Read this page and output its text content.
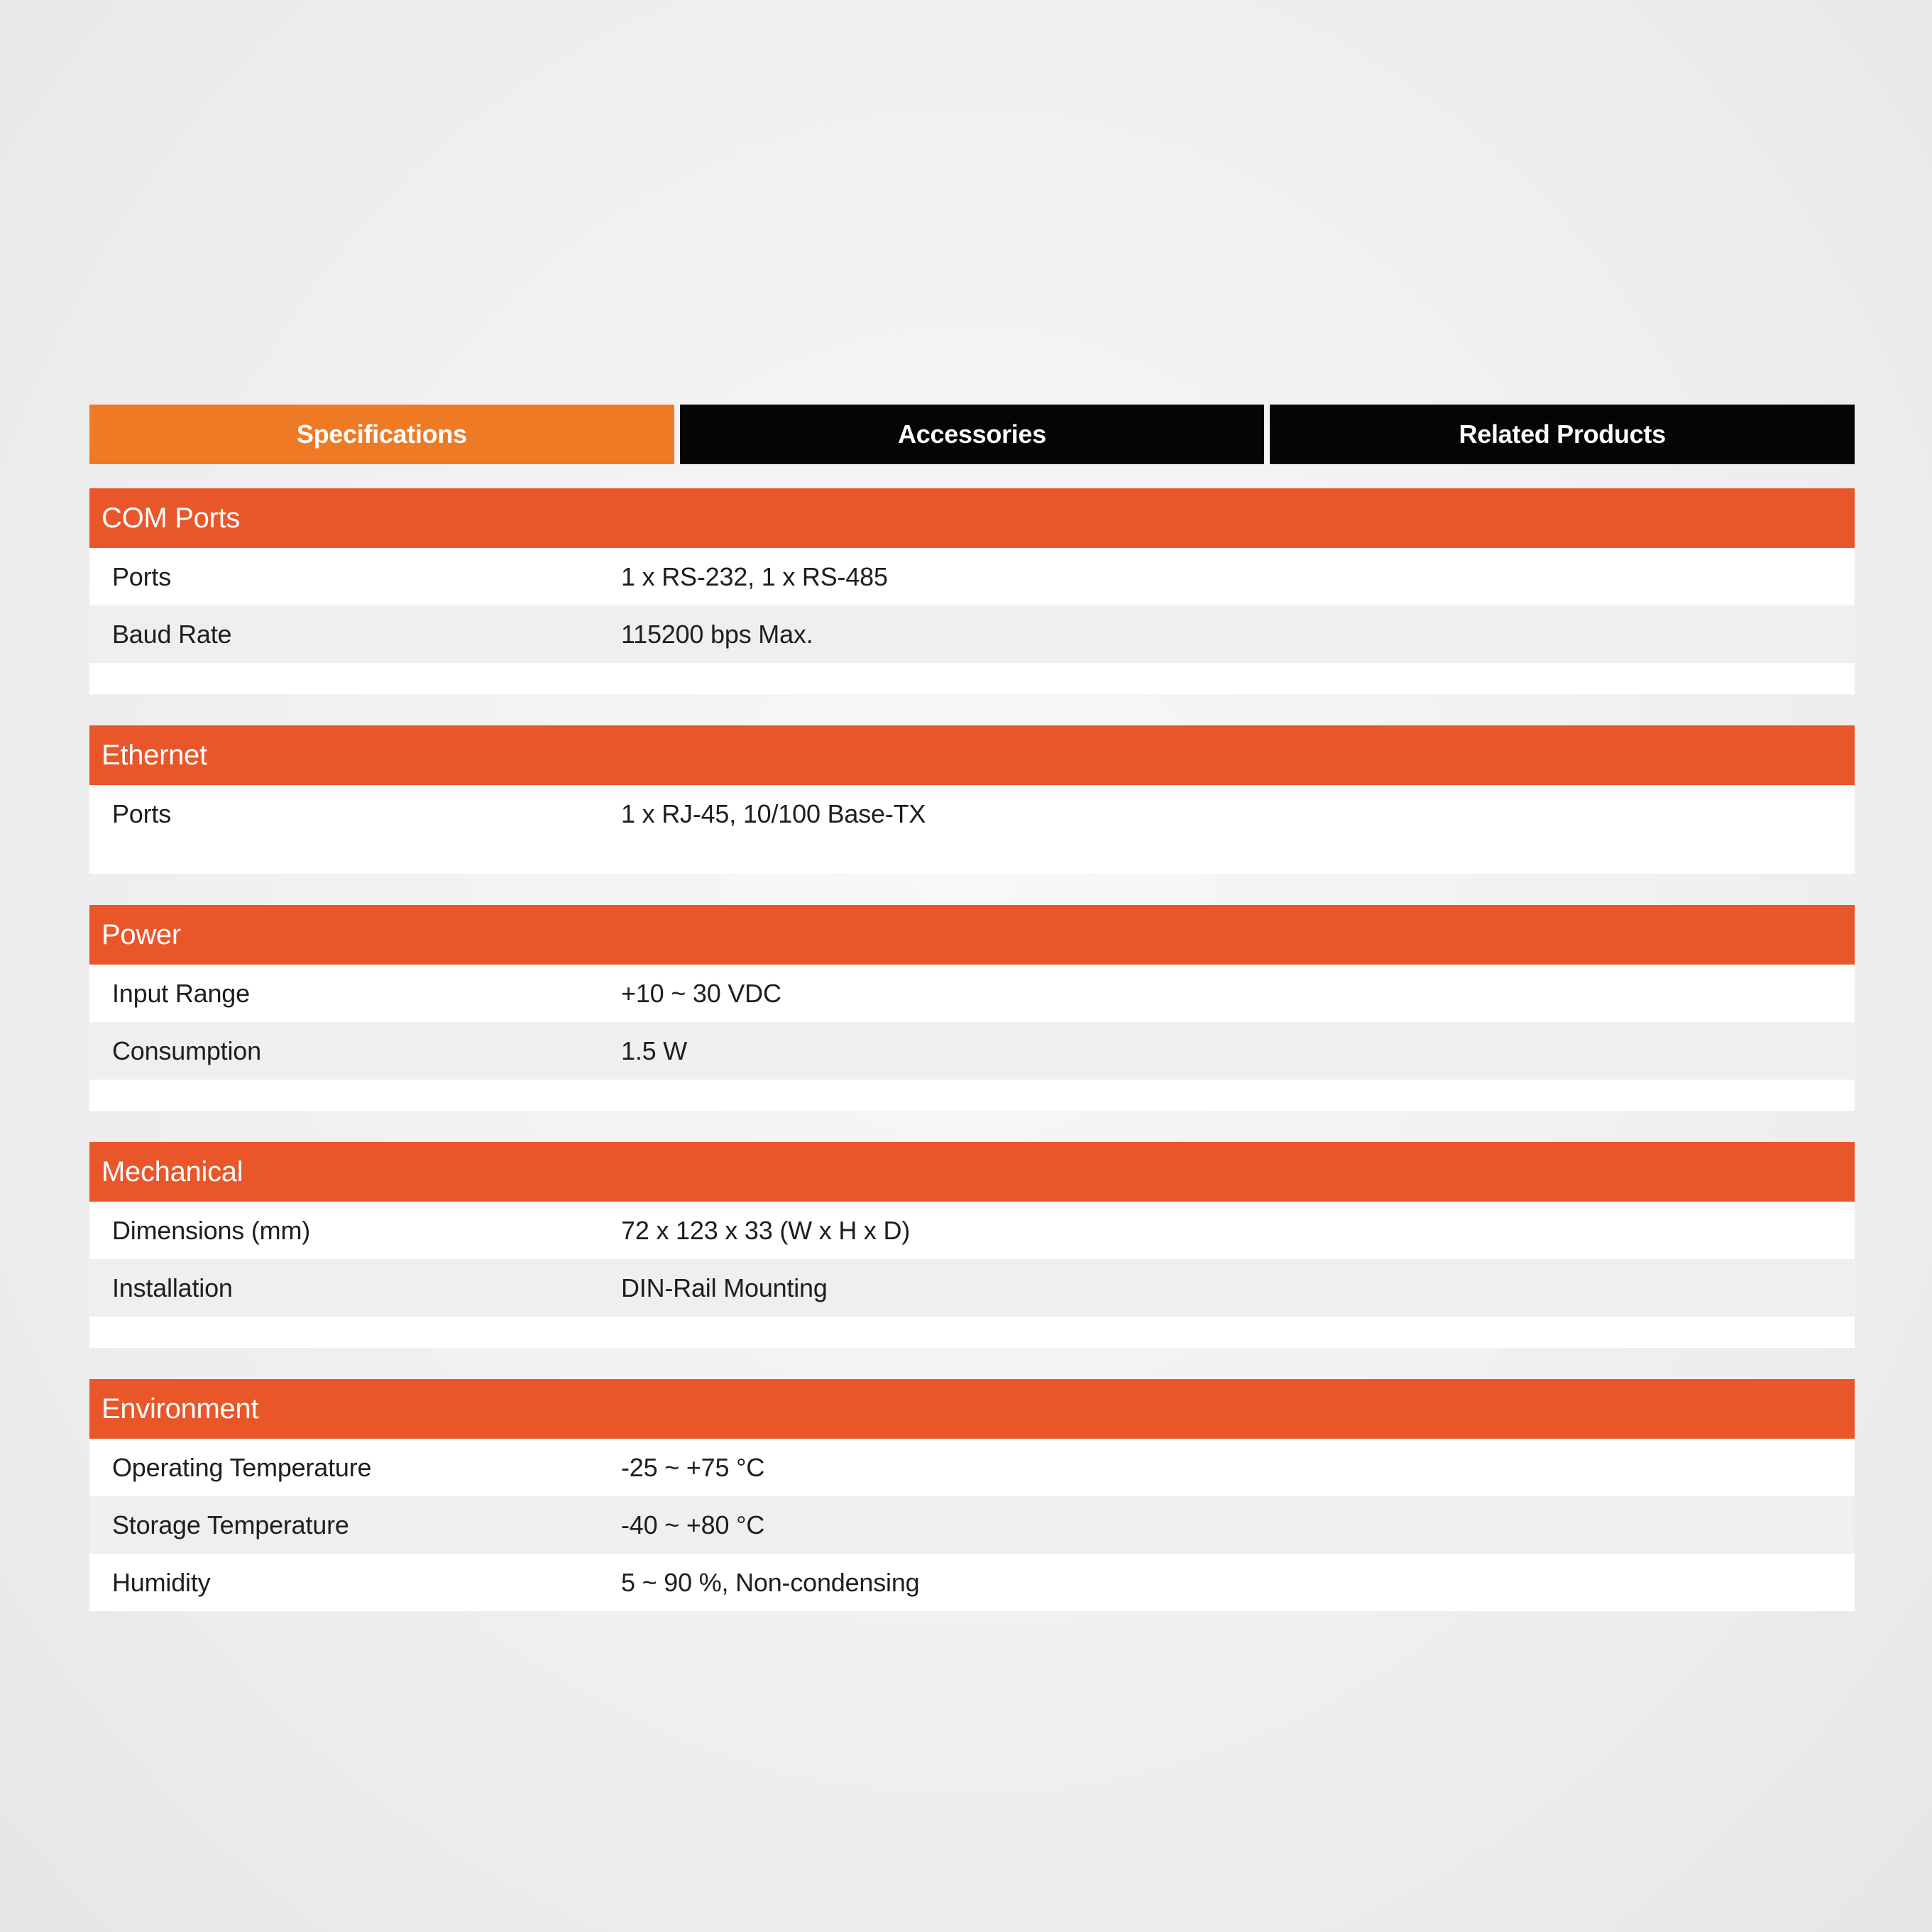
Specifications	Accessories	Related Products
COM Ports
Ports	1 x RS-232, 1 x RS-485
Baud Rate	115200 bps Max.
Ethernet
Ports	1 x RJ-45, 10/100 Base-TX
Power
Input Range	+10 ~ 30 VDC
Consumption	1.5 W
Mechanical
Dimensions (mm)	72 x 123 x 33 (W x H x D)
Installation	DIN-Rail Mounting
Environment
Operating Temperature	-25 ~ +75 °C
Storage Temperature	-40 ~ +80 °C
Humidity	5 ~ 90 %, Non-condensing
